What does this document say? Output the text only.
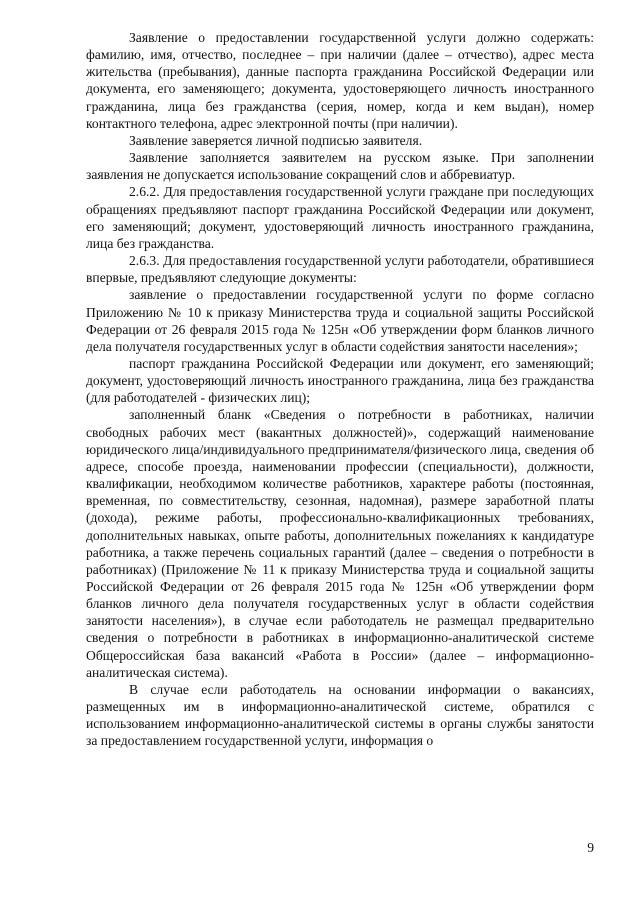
Заявление о предоставлении государственной услуги должно содержать: фамилию, имя, отчество, последнее – при наличии (далее – отчество), адрес места жительства (пребывания), данные паспорта гражданина Российской Федерации или документа, его заменяющего; документа, удостоверяющего личность иностранного гражданина, лица без гражданства (серия, номер, когда и кем выдан), номер контактного телефона, адрес электронной почты (при наличии).

Заявление заверяется личной подписью заявителя.

Заявление заполняется заявителем на русском языке. При заполнении заявления не допускается использование сокращений слов и аббревиатур.

2.6.2. Для предоставления государственной услуги граждане при последующих обращениях предъявляют паспорт гражданина Российской Федерации или документ, его заменяющий; документ, удостоверяющий личность иностранного гражданина, лица без гражданства.

2.6.3. Для предоставления государственной услуги работодатели, обратившиеся впервые, предъявляют следующие документы:

заявление о предоставлении государственной услуги по форме согласно Приложению № 10 к приказу Министерства труда и социальной защиты Российской Федерации от 26 февраля 2015 года № 125н «Об утверждении форм бланков личного дела получателя государственных услуг в области содействия занятости населения»;

паспорт гражданина Российской Федерации или документ, его заменяющий; документ, удостоверяющий личность иностранного гражданина, лица без гражданства (для работодателей - физических лиц);

заполненный бланк «Сведения о потребности в работниках, наличии свободных рабочих мест (вакантных должностей)», содержащий наименование юридического лица/индивидуального предпринимателя/физического лица, сведения об адресе, способе проезда, наименовании профессии (специальности), должности, квалификации, необходимом количестве работников, характере работы (постоянная, временная, по совместительству, сезонная, надомная), размере заработной платы (дохода), режиме работы, профессионально-квалификационных требованиях, дополнительных навыках, опыте работы, дополнительных пожеланиях к кандидатуре работника, а также перечень социальных гарантий (далее – сведения о потребности в работниках) (Приложение № 11 к приказу Министерства труда и социальной защиты Российской Федерации от 26 февраля 2015 года № 125н «Об утверждении форм бланков личного дела получателя государственных услуг в области содействия занятости населения»), в случае если работодатель не размещал предварительно сведения о потребности в работниках в информационно-аналитической системе Общероссийская база вакансий «Работа в России» (далее – информационно-аналитическая система).

В случае если работодатель на основании информации о вакансиях, размещенных им в информационно-аналитической системе, обратился с использованием информационно-аналитической системы в органы службы занятости за предоставлением государственной услуги, информация о

9
